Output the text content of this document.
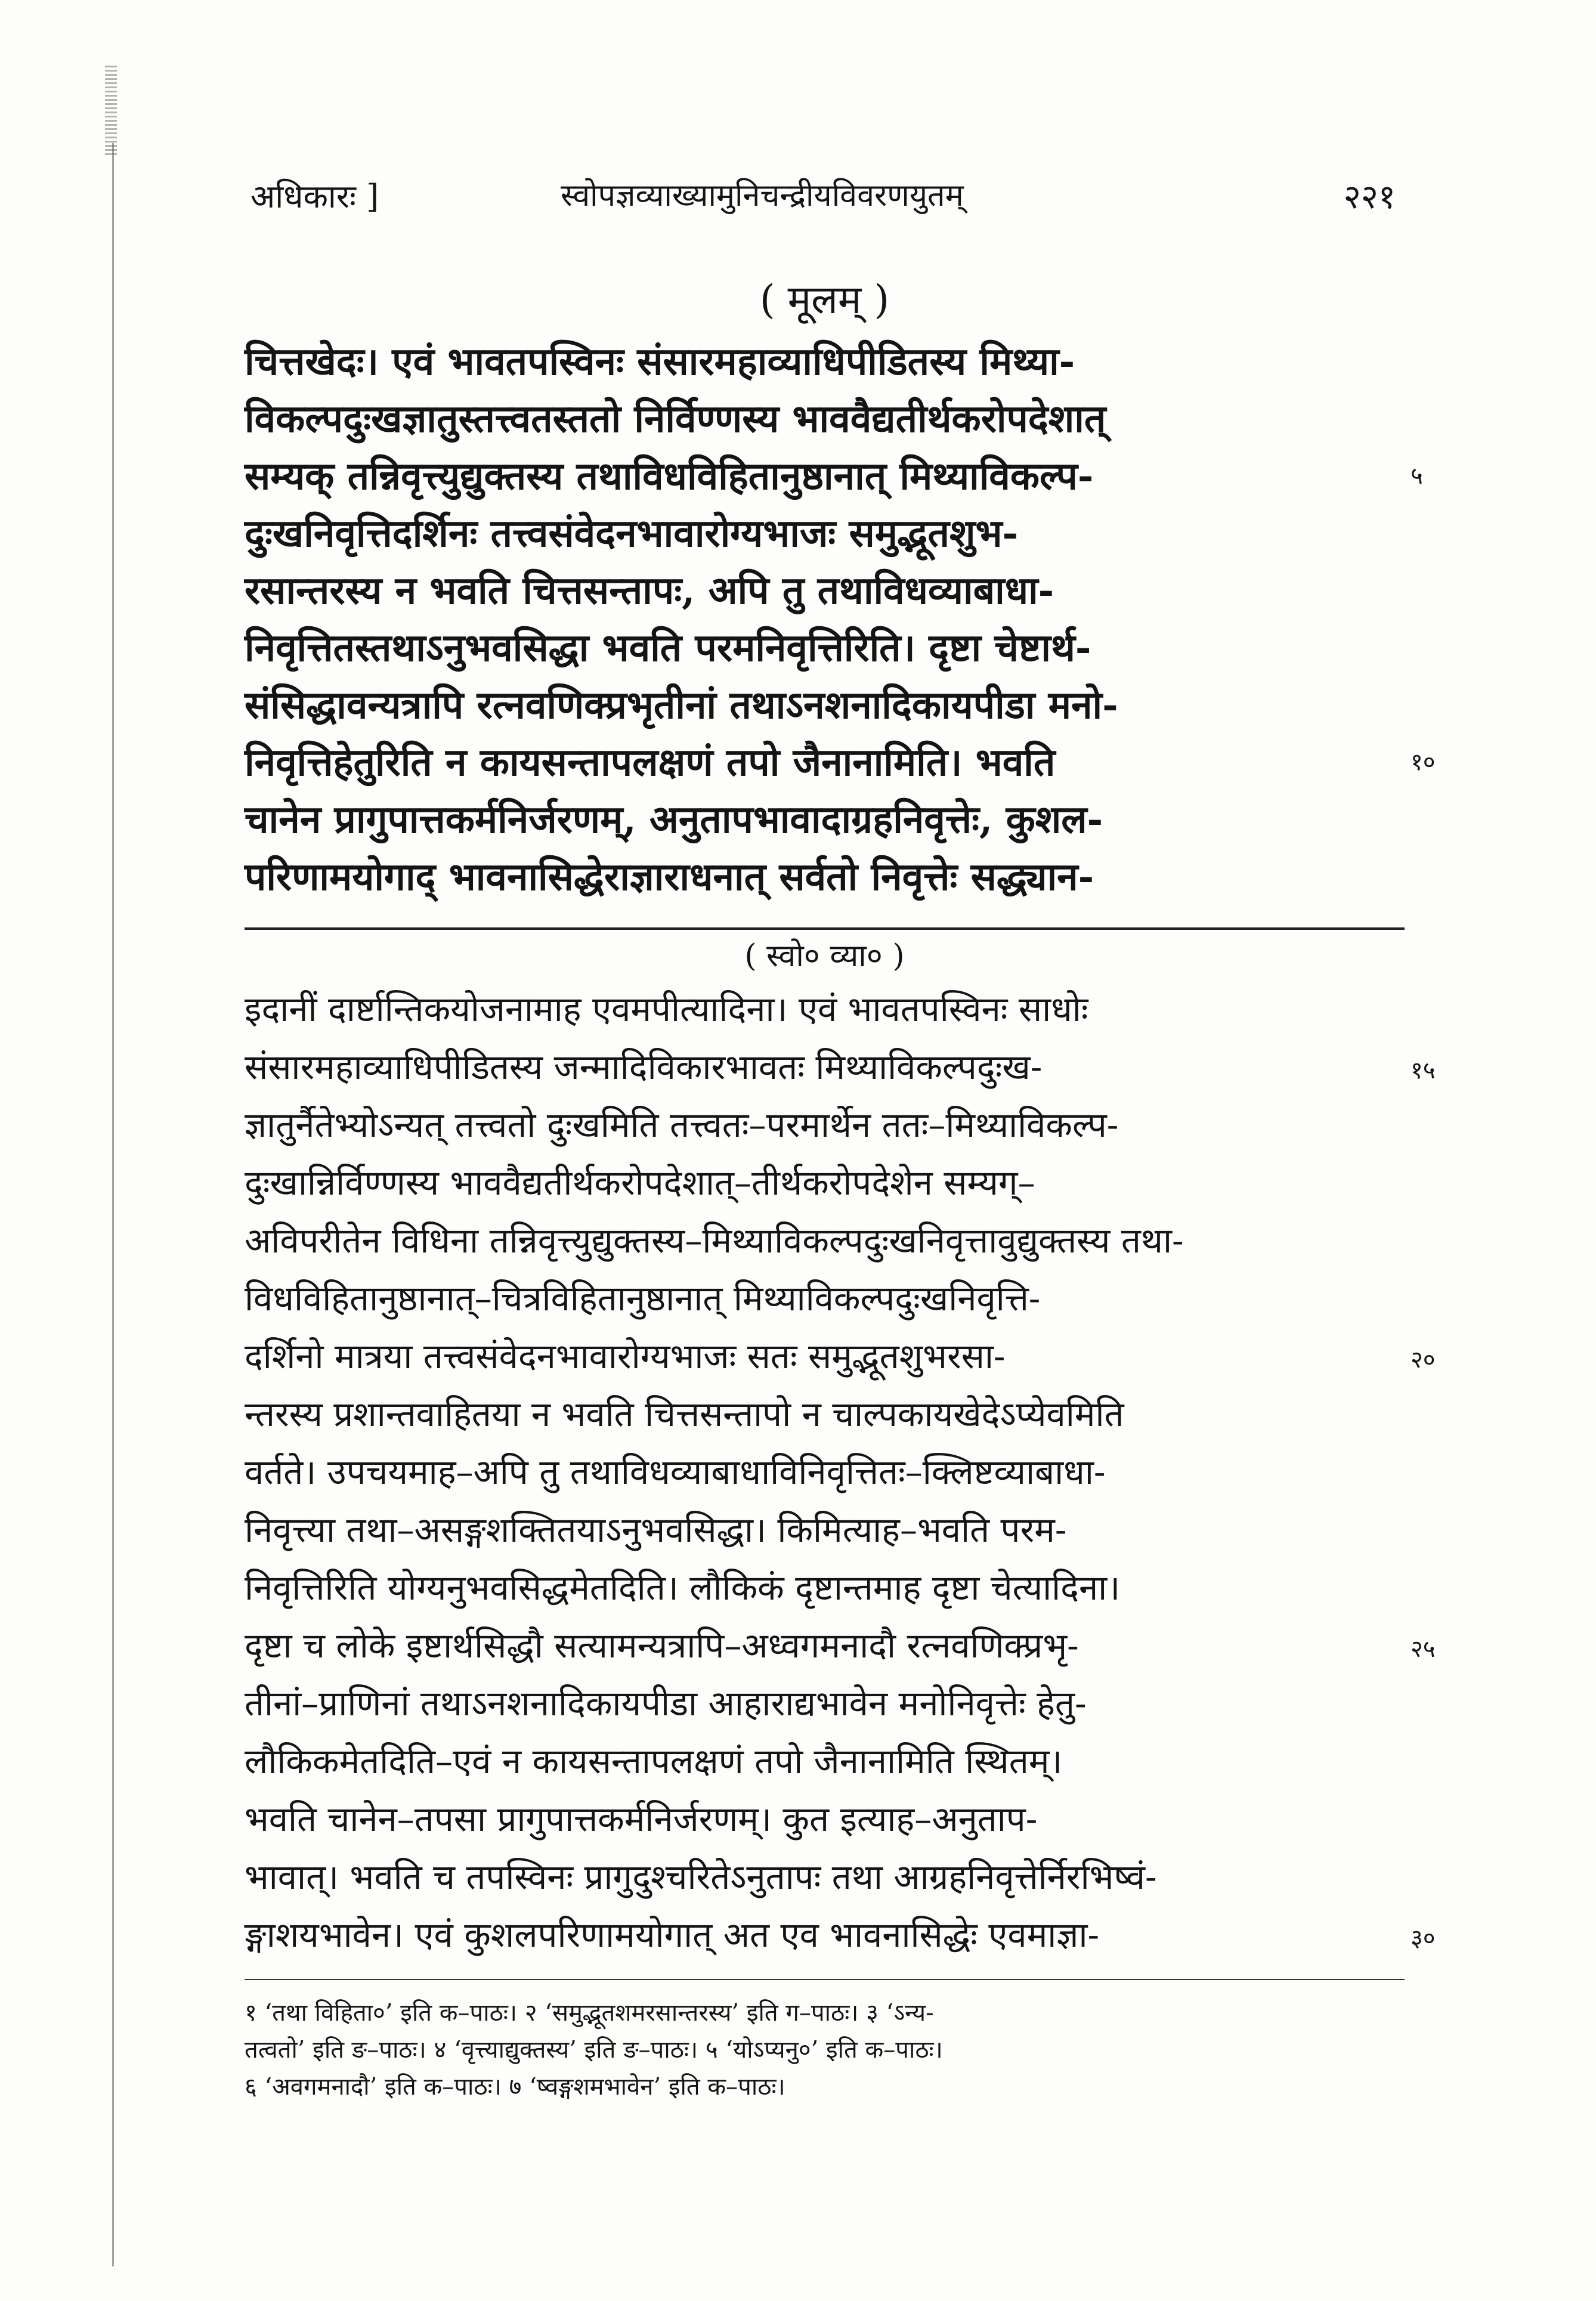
अधिकारः ]	स्वोपज्ञव्याख्यामुनिचन्द्रीयविवरणयुतम्	२२१
( मूलम् )
चित्तखेदः। एवं भावतपस्विनः संसारमहाव्याधिपीडितस्य मिथ्या-
विकल्पदुःखज्ञातुस्तत्त्वतस्ततो निर्विण्णस्य भाववैद्यतीर्थकरोपदेशात्
सम्यक् तन्निवृत्त्युद्युक्तस्य तथाविधविहितानुष्ठानात् मिथ्याविकल्प-
दुःखनिवृत्तिदर्शिनः तत्त्वसंवेदनभावारोग्यभाजः समुद्भूतशुभ-
रसान्तरस्य न भवति चित्तसन्तापः, अपि तु तथाविधव्याबाधा-
निवृत्तितस्तथाऽनुभवसिद्धा भवति परमनिवृत्तिरिति। दृष्टा चेष्टार्थ-
संसिद्धावन्यत्रापि रत्नवणिक्प्रभृतीनां तथाऽनशनादिकायपीडा मनो-
निवृत्तिहेतुरिति न कायसन्तापलक्षणं तपो जैनानामिति। भवति
चानेन प्रागुपात्तकर्मनिर्जरणम्, अनुतापभावादाग्रहनिवृत्तेः, कुशल-
परिणामयोगाद् भावनासिद्धेराज्ञाराधनात् सर्वतो निवृत्तेः सद्ध्यान-
५
१०
( स्वो० व्या० )
इदानीं दार्ष्टान्तिकयोजनामाह एवमपीत्यादिना। एवं भावतपस्विनः साधोः
संसारमहाव्याधिपीडितस्य जन्मादिविकारभावतः मिथ्याविकल्पदुःख-
ज्ञातुर्नैतेभ्योऽन्यत् तत्त्वतो दुःखमिति तत्त्वतः–परमार्थेन ततः–मिथ्याविकल्प-
दुःखान्निर्विण्णस्य भाववैद्यतीर्थकरोपदेशात्–तीर्थकरोपदेशेन सम्यग्–
अविपरीतेन विधिना तन्निवृत्त्युद्युक्तस्य–मिथ्याविकल्पदुःखनिवृत्तावुद्युक्तस्य तथा-
विधविहितानुष्ठानात्–चित्रविहितानुष्ठानात् मिथ्याविकल्पदुःखनिवृत्ति-
दर्शिनो मात्रया तत्त्वसंवेदनभावारोग्यभाजः सतः समुद्भूतशुभरसा-
न्तरस्य प्रशान्तवाहितया न भवति चित्तसन्तापो न चाल्पकायखेदेऽप्येवमिति
वर्तते। उपचयमाह–अपि तु तथाविधव्याबाधाविनिवृत्तितः–क्लिष्टव्याबाधा-
निवृत्त्या तथा–असङ्गशक्तितयाऽनुभवसिद्धा। किमित्याह–भवति परम-
निवृत्तिरिति योग्यनुभवसिद्धमेतदिति। लौकिकं दृष्टान्तमाह दृष्टा चेत्यादिना।
दृष्टा च लोके इष्टार्थसिद्धौ सत्यामन्यत्रापि–अध्वगमनादौ रत्नवणिक्प्रभृ-
तीनां–प्राणिनां तथाऽनशनादिकायपीडा आहाराद्यभावेन मनोनिवृत्तेः हेतु-
लौकिकमेतदिति–एवं न कायसन्तापलक्षणं तपो जैनानामिति स्थितम्।
भवति चानेन–तपसा प्रागुपात्तकर्मनिर्जरणम्। कुत इत्याह–अनुताप-
भावात्। भवति च तपस्विनः प्रागुदुश्चरितेऽनुतापः तथा आग्रहनिवृत्तेर्निरभिष्वं-
ङ्गाशयभावेन। एवं कुशलपरिणामयोगात् अत एव भावनासिद्धेः एवमाज्ञा-
१५
२०
२५
३०
१ ‘तथा विहिता०’ इति क–पाठः। २ ‘समुद्भूतशमरसान्तरस्य’ इति ग–पाठः। ३ ‘ऽन्य-
तत्वतो’ इति ङ–पाठः। ४ ‘वृत्त्याद्युक्तस्य’ इति ङ–पाठः। ५ ‘योऽप्यनु०’ इति क–पाठः।
६ ‘अवगमनादौ’ इति क–पाठः। ७ ‘ष्वङ्गशमभावेन’ इति क–पाठः।
